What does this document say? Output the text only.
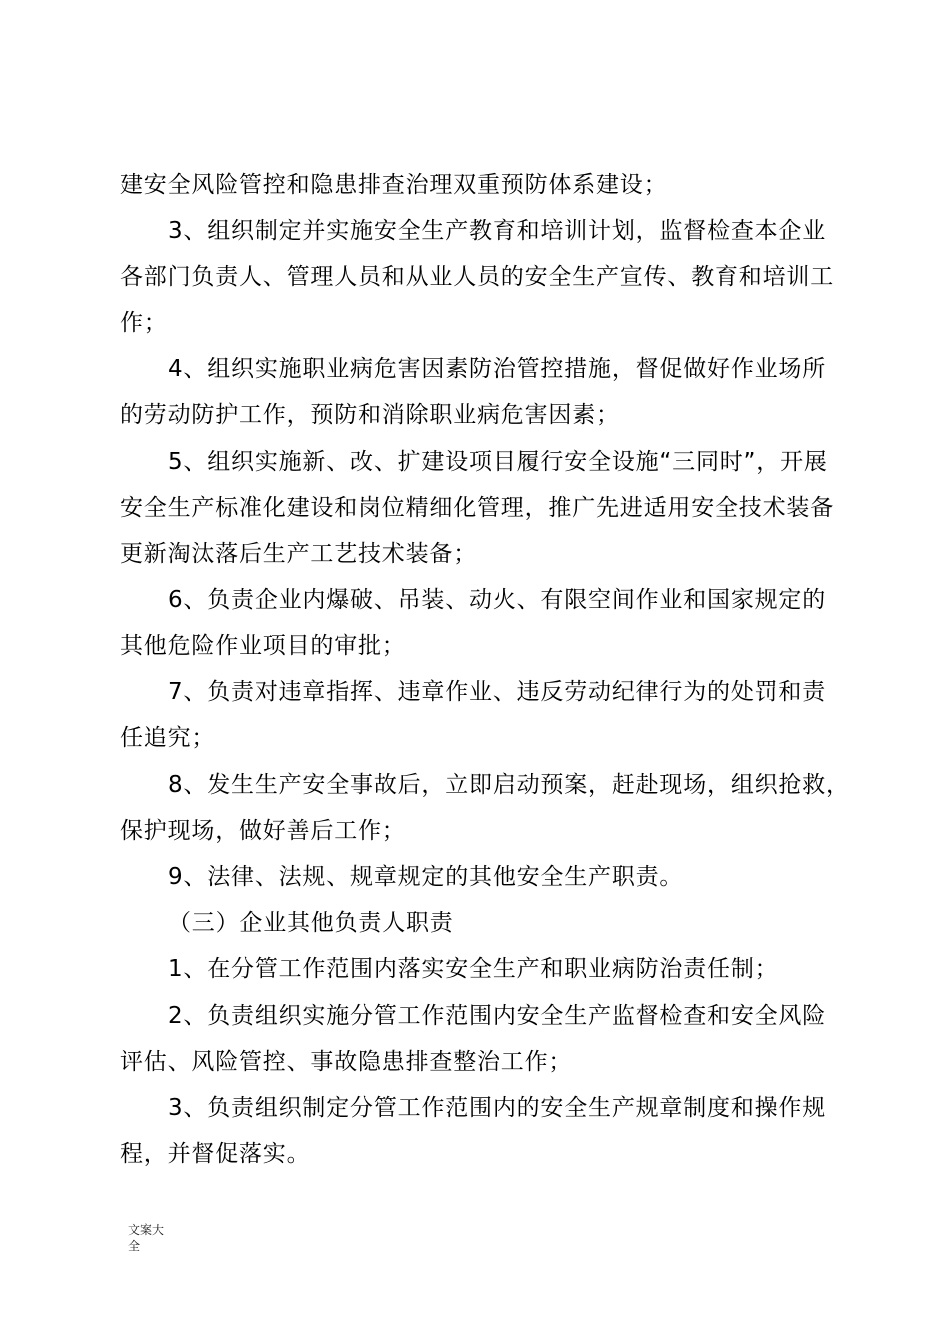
建安全风险管控和隐患排查治理双重预防体系建设；
3、组织制定并实施安全生产教育和培训计划，监督检查本企业
各部门负责人、管理人员和从业人员的安全生产宣传、教育和培训工
作；
4、组织实施职业病危害因素防治管控措施，督促做好作业场所
的劳动防护工作，预防和消除职业病危害因素；
5、组织实施新、改、扩建设项目履行安全设施“三同时”，开展
安全生产标准化建设和岗位精细化管理，推广先进适用安全技术装备
更新淘汰落后生产工艺技术装备；
6、负责企业内爆破、吊装、动火、有限空间作业和国家规定的
其他危险作业项目的审批；
7、负责对违章指挥、违章作业、违反劳动纪律行为的处罚和责
任追究；
8、发生生产安全事故后，立即启动预案，赶赴现场，组织抢救，
保护现场，做好善后工作；
9、法律、法规、规章规定的其他安全生产职责。
（三）企业其他负责人职责
1、在分管工作范围内落实安全生产和职业病防治责任制；
2、负责组织实施分管工作范围内安全生产监督检查和安全风险
评估、风险管控、事故隐患排查整治工作；
3、负责组织制定分管工作范围内的安全生产规章制度和操作规
程，并督促落实。
文案大全
